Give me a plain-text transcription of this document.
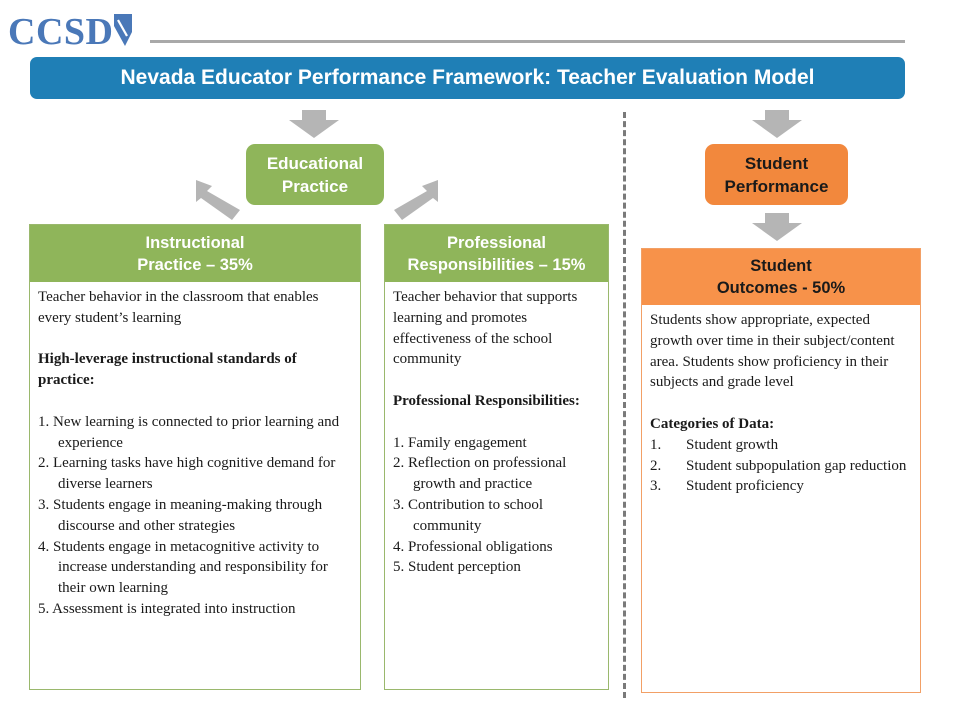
CCSD
Nevada Educator Performance Framework: Teacher Evaluation Model
Educational
Practice
Student
Performance
Instructional
Practice – 35%

Teacher behavior in the classroom that enables every student’s learning

High-leverage instructional standards of practice:

1. New learning is connected to prior learning and experience
2. Learning tasks have high cognitive demand for diverse learners
3. Students engage in meaning-making through discourse and other strategies
4. Students engage in metacognitive activity to increase understanding and responsibility for their own learning
5. Assessment is integrated into instruction
Professional
Responsibilities – 15%

Teacher behavior that supports learning and promotes effectiveness of the school community

Professional Responsibilities:

1. Family engagement
2. Reflection on professional growth and practice
3. Contribution to school community
4. Professional obligations
5. Student perception
Student
Outcomes - 50%

Students show appropriate, expected growth over time in their subject/content area. Students show proficiency in their subjects and grade level

Categories of Data:

1. Student growth
2. Student subpopulation gap reduction
3. Student proficiency
